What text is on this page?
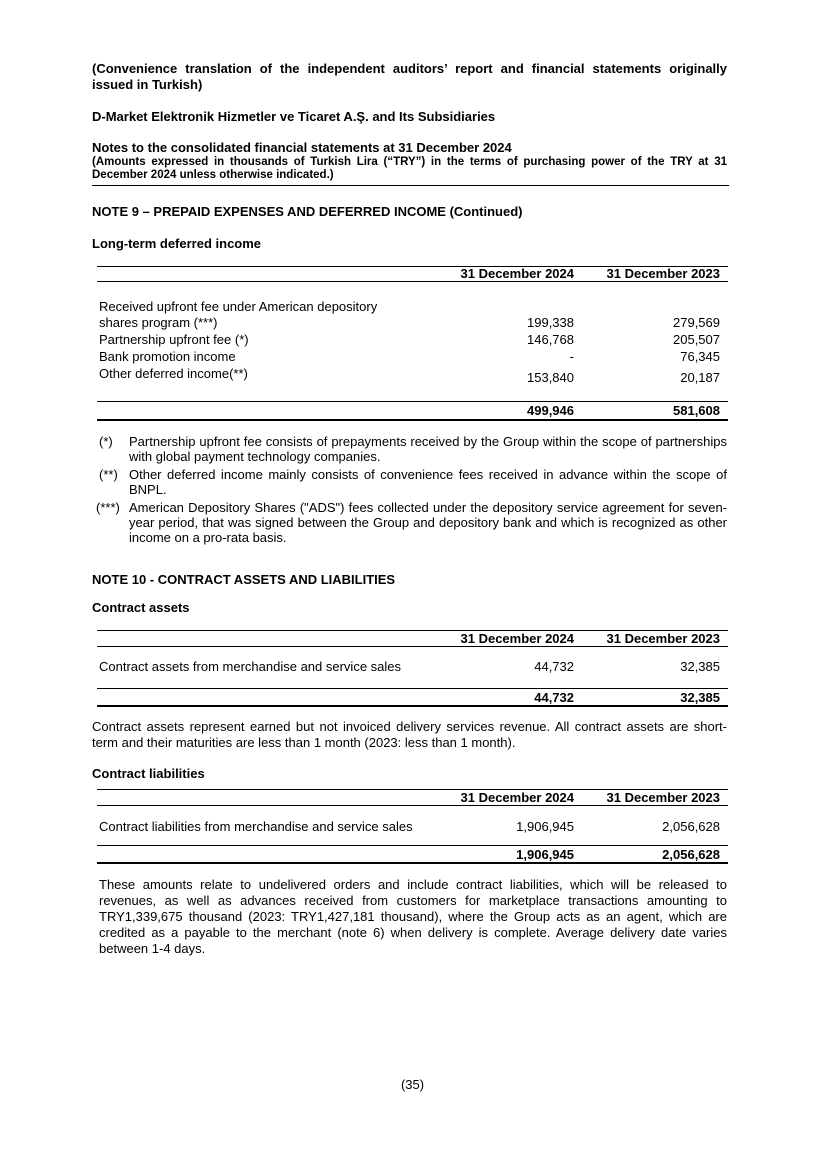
(Convenience translation of the independent auditors’ report and financial statements originally issued in Turkish)
D-Market Elektronik Hizmetler ve Ticaret A.Ş. and Its Subsidiaries
Notes to the consolidated financial statements at 31 December 2024
(Amounts expressed in thousands of Turkish Lira (“TRY”) in the terms of purchasing power of the TRY at 31 December 2024 unless otherwise indicated.)
NOTE 9 – PREPAID EXPENSES AND DEFERRED INCOME (Continued)
Long-term deferred income
31 December 2024	31 December 2023
Received upfront fee under American depository
shares program (***)	199,338	279,569
Partnership upfront fee (*)	146,768	205,507
Bank promotion income	-	76,345
Other deferred income(**)	153,840	20,187
499,946	581,608
(*) Partnership upfront fee consists of prepayments received by the Group within the scope of partnerships with global payment technology companies.
(**) Other deferred income mainly consists of convenience fees received in advance within the scope of BNPL.
(***) American Depository Shares ("ADS") fees collected under the depository service agreement for seven-year period, that was signed between the Group and depository bank and which is recognized as other income on a pro-rata basis.
NOTE 10 - CONTRACT ASSETS AND LIABILITIES
Contract assets
31 December 2024	31 December 2023
Contract assets from merchandise and service sales	44,732	32,385
44,732	32,385
Contract assets represent earned but not invoiced delivery services revenue. All contract assets are short-term and their maturities are less than 1 month (2023: less than 1 month).
Contract liabilities
31 December 2024	31 December 2023
Contract liabilities from merchandise and service sales	1,906,945	2,056,628
1,906,945	2,056,628
These amounts relate to undelivered orders and include contract liabilities, which will be released to revenues, as well as advances received from customers for marketplace transactions amounting to TRY1,339,675 thousand (2023: TRY1,427,181 thousand), where the Group acts as an agent, which are credited as a payable to the merchant (note 6) when delivery is complete. Average delivery date varies between 1-4 days.
(35)
